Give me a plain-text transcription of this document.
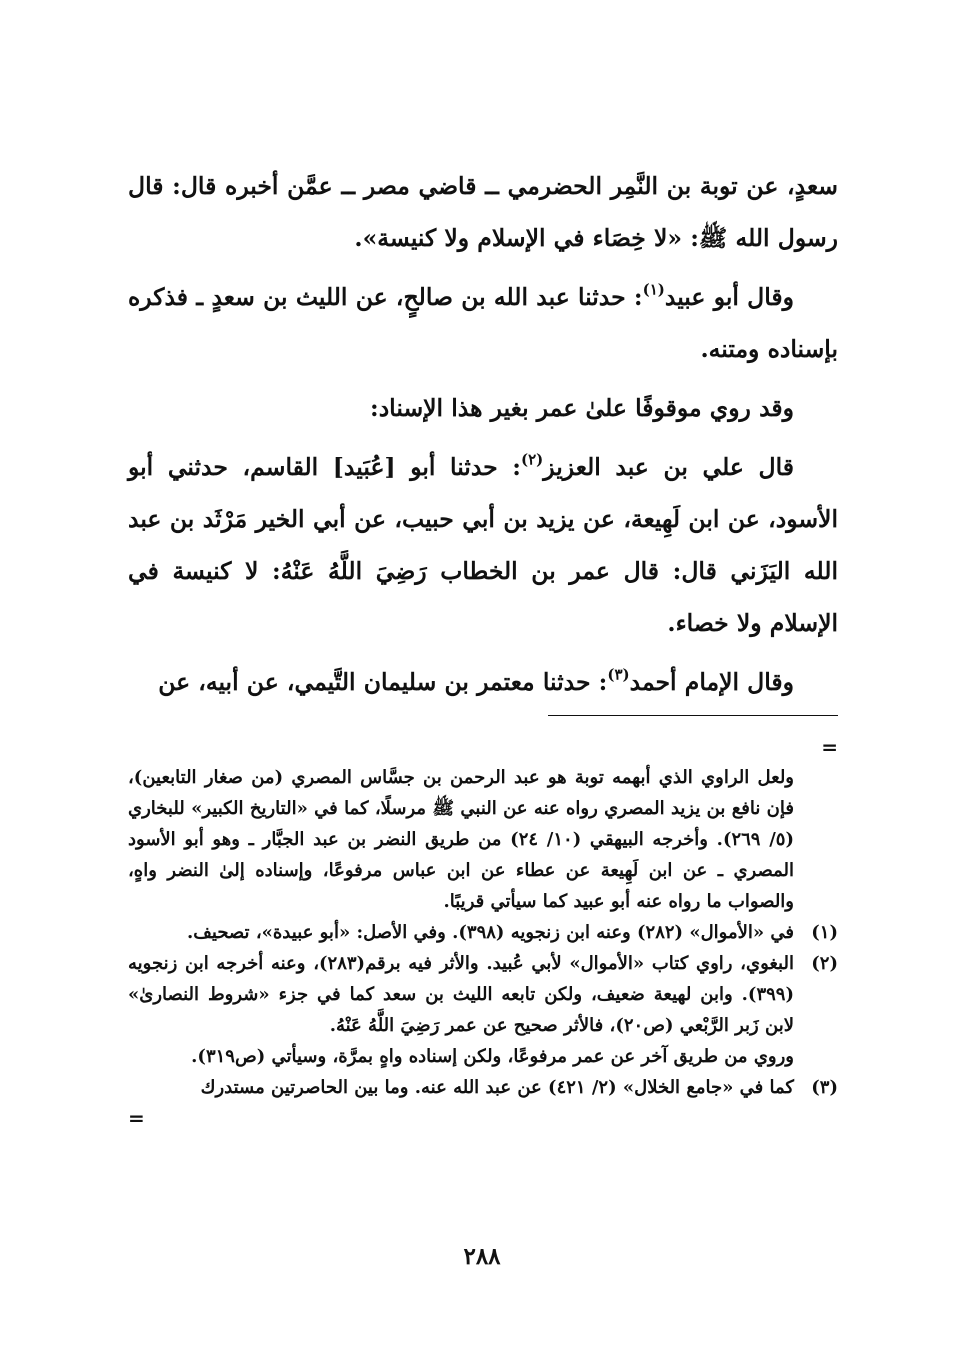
سعدٍ، عن توبة بن النَّمِر الحضرمي ــ قاضي مصر ــ عمَّن أخبره قال: قال رسول الله ﷺ: «لا خِصَاء في الإسلام ولا كنيسة».

وقال أبو عبيد$^{(١)}$: حدثنا عبد الله بن صالحٍ، عن الليث بن سعدٍ ـ فذكره بإسناده ومتنه.

وقد روي موقوفًا علىٰ عمر بغير هذا الإسناد:

قال علي بن عبد العزيز$^{(٢)}$: حدثنا أبو [عُبَيد] القاسم، حدثني أبو الأسود، عن ابن لَهِيعة، عن يزيد بن أبي حبيب، عن أبي الخير مَرْثَد بن عبد الله اليَزَني قال: قال عمر بن الخطاب رَضِيَ اللَّهُ عَنْهُ: لا كنيسة في الإسلام ولا خصاء.

وقال الإمام أحمد$^{(٣)}$: حدثنا معتمر بن سليمان التَّيمي، عن أبيه، عن

=
ولعل الراوي الذي أبهمه توبة هو عبد الرحمن بن جسَّاس المصري (من صغار التابعين)، فإن نافع بن يزيد المصري رواه عنه عن النبي ﷺ مرسلًا، كما في «التاريخ الكبير» للبخاري (٥/ ٢٦٩). وأخرجه البيهقي (١٠/ ٢٤) من طريق النضر بن عبد الجبَّار ـ وهو أبو الأسود المصري ـ عن ابن لَهِيعة عن عطاء عن ابن عباس مرفوعًا، وإسناده إلىٰ النضر واهٍ، والصواب ما رواه عنه أبو عبيد كما سيأتي قريبًا.
(١)
في «الأموال» (٢٨٢) وعنه ابن زنجويه (٣٩٨). وفي الأصل: «أبو عبيدة»، تصحيف.
(٢)
البغوي، راوي كتاب «الأموال» لأبي عُبيد. والأثر فيه برقم(٢٨٣)، وعنه أخرجه ابن زنجويه (٣٩٩). وابن لهيعة ضعيف، ولكن تابعه الليث بن سعد كما في جزء «شروط النصارىٰ» لابن زَبر الرَّبْعي (ص٢٠)، فالأثر صحيح عن عمر رَضِيَ اللَّهُ عَنْهُ.
وروي من طريق آخر عن عمر مرفوعًا، ولكن إسناده واهٍ بمرَّة، وسيأتي (ص٣١٩).
(٣)
كما في «جامع الخلال» (٢/ ٤٢١) عن عبد الله عنه. وما بين الحاصرتين مستدرك
=
٢٨٨
